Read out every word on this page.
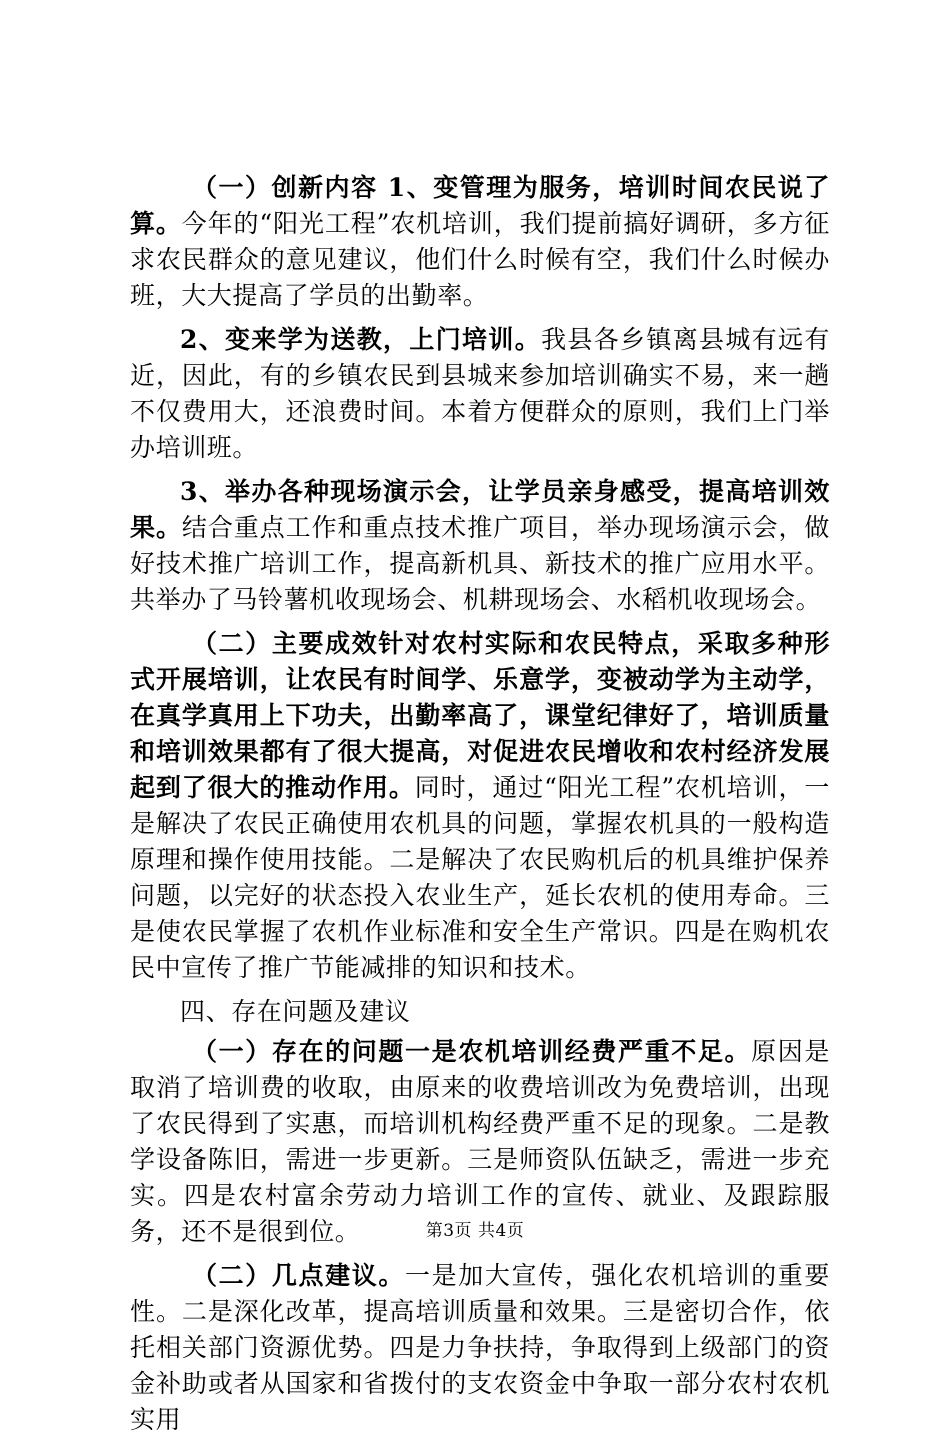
（一）创新内容 1、变管理为服务，培训时间农民说了算。今年的“阳光工程”农机培训，我们提前搞好调研，多方征求农民群众的意见建议，他们什么时候有空，我们什么时候办班，大大提高了学员的出勤率。

2、变来学为送教，上门培训。我县各乡镇离县城有远有近，因此，有的乡镇农民到县城来参加培训确实不易，来一趟不仅费用大，还浪费时间。本着方便群众的原则，我们上门举办培训班。

3、举办各种现场演示会，让学员亲身感受，提高培训效果。结合重点工作和重点技术推广项目，举办现场演示会，做好技术推广培训工作，提高新机具、新技术的推广应用水平。共举办了马铃薯机收现场会、机耕现场会、水稻机收现场会。

（二）主要成效针对农村实际和农民特点，采取多种形式开展培训，让农民有时间学、乐意学，变被动学为主动学，在真学真用上下功夫，出勤率高了，课堂纪律好了，培训质量和培训效果都有了很大提高，对促进农民增收和农村经济发展起到了很大的推动作用。同时，通过“阳光工程”农机培训，一是解决了农民正确使用农机具的问题，掌握农机具的一般构造原理和操作使用技能。二是解决了农民购机后的机具维护保养问题，以完好的状态投入农业生产，延长农机的使用寿命。三是使农民掌握了农机作业标准和安全生产常识。四是在购机农民中宣传了推广节能减排的知识和技术。

四、存在问题及建议

（一）存在的问题一是农机培训经费严重不足。原因是取消了培训费的收取，由原来的收费培训改为免费培训，出现了农民得到了实惠，而培训机构经费严重不足的现象。二是教学设备陈旧，需进一步更新。三是师资队伍缺乏，需进一步充实。四是农村富余劳动力培训工作的宣传、就业、及跟踪服务，还不是很到位。

（二）几点建议。一是加大宣传，强化农机培训的重要性。二是深化改革，提高培训质量和效果。三是密切合作，依托相关部门资源优势。四是力争扶持，争取得到上级部门的资金补助或者从国家和省拨付的支农资金中争取一部分农村农机实用

第3页 共4页
